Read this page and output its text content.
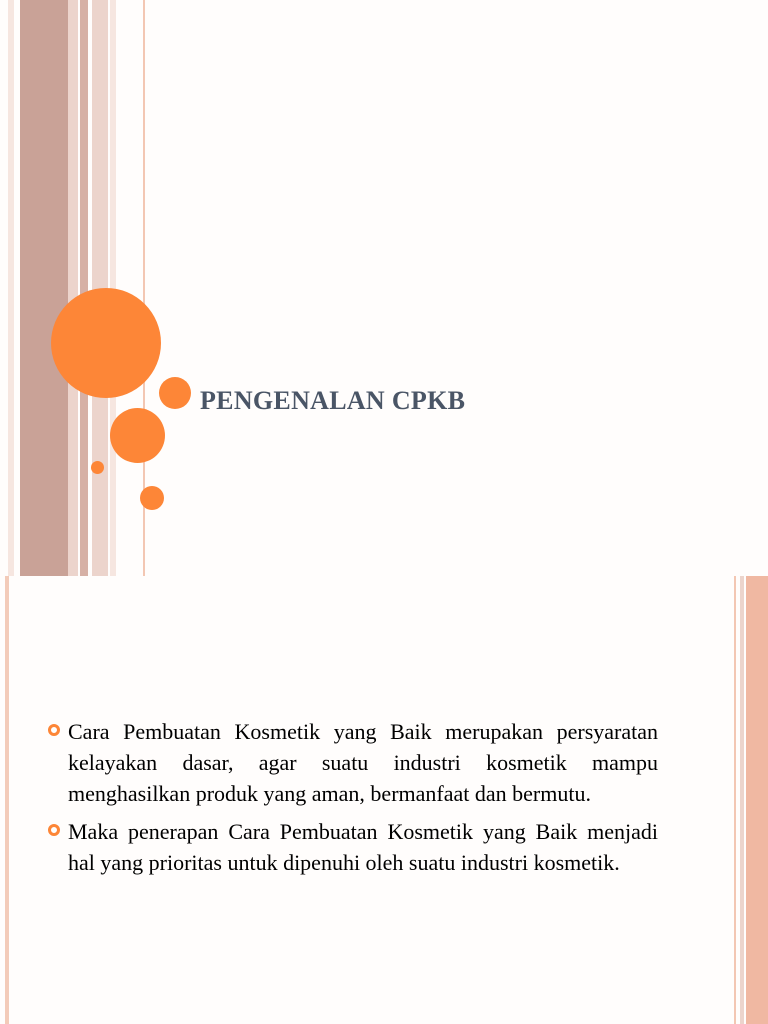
PENGENALAN CPKB
Cara Pembuatan Kosmetik yang Baik merupakan persyaratan kelayakan dasar, agar suatu industri kosmetik mampu menghasilkan produk yang aman, bermanfaat dan bermutu.
Maka penerapan Cara Pembuatan Kosmetik yang Baik menjadi hal yang prioritas untuk dipenuhi oleh suatu industri kosmetik.
